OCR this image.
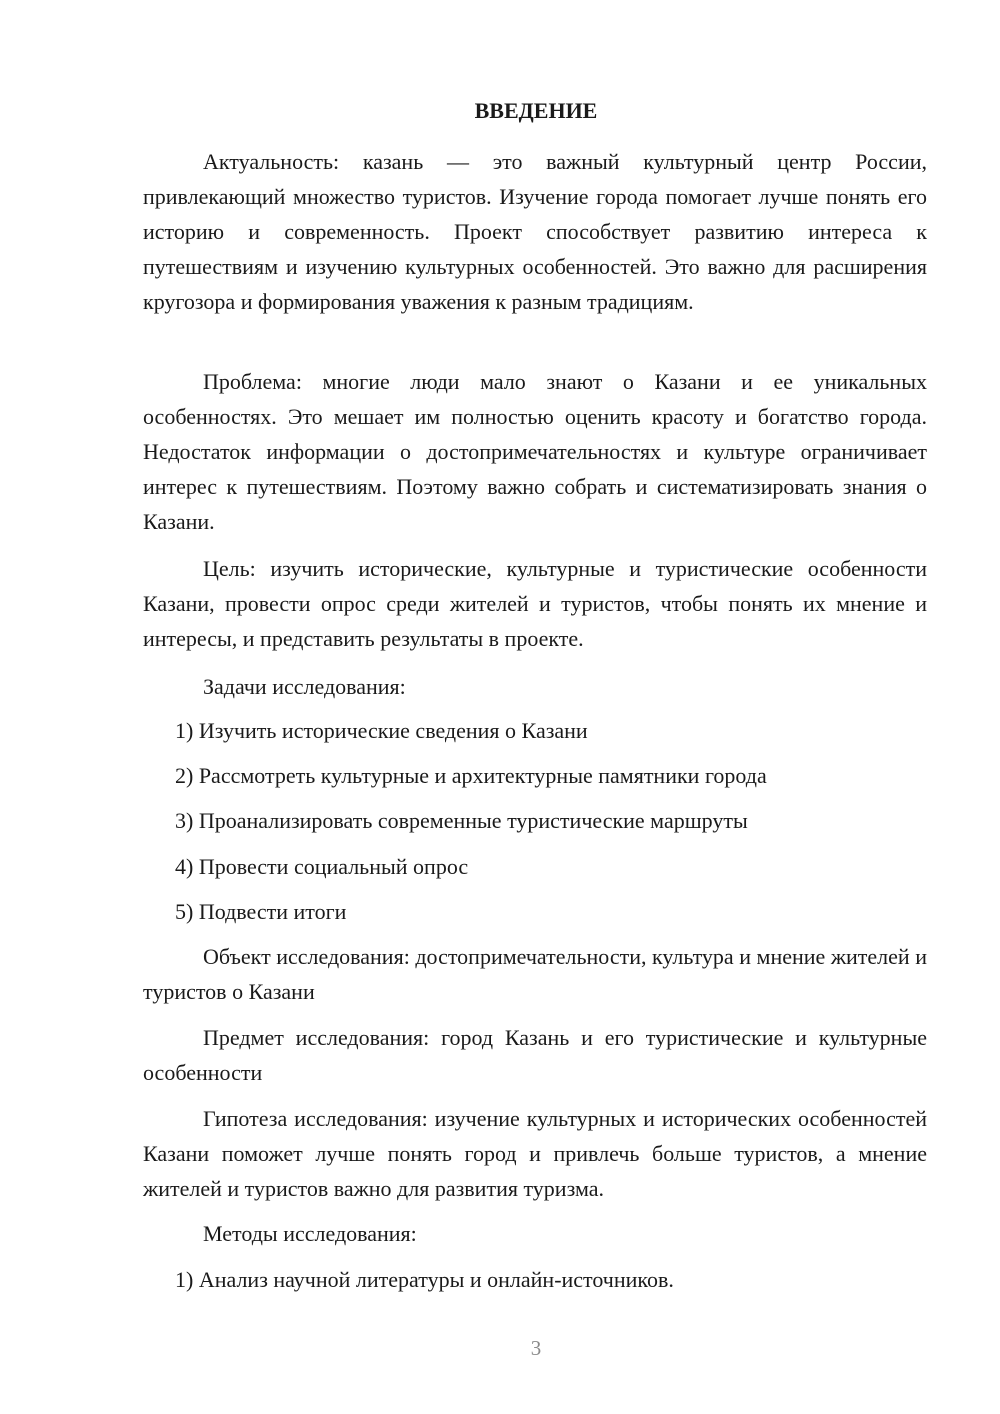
ВВЕДЕНИЕ

Актуальность: казань — это важный культурный центр России, привлекающий множество туристов. Изучение города помогает лучше понять его историю и современность. Проект способствует развитию интереса к путешествиям и изучению культурных особенностей. Это важно для расширения кругозора и формирования уважения к разным традициям.

Проблема: многие люди мало знают о Казани и ее уникальных особенностях. Это мешает им полностью оценить красоту и богатство города. Недостаток информации о достопримечательностях и культуре ограничивает интерес к путешествиям. Поэтому важно собрать и систематизировать знания о Казани.

Цель: изучить исторические, культурные и туристические особенности Казани, провести опрос среди жителей и туристов, чтобы понять их мнение и интересы, и представить результаты в проекте.

Задачи исследования:

1) Изучить исторические сведения о Казани

2) Рассмотреть культурные и архитектурные памятники города

3) Проанализировать современные туристические маршруты

4) Провести социальный опрос

5) Подвести итоги

Объект исследования: достопримечательности, культура и мнение жителей и туристов о Казани

Предмет исследования: город Казань и его туристические и культурные особенности

Гипотеза исследования: изучение культурных и исторических особенностей Казани поможет лучше понять город и привлечь больше туристов, а мнение жителей и туристов важно для развития туризма.

Методы исследования:

1) Анализ научной литературы и онлайн-источников.

3
